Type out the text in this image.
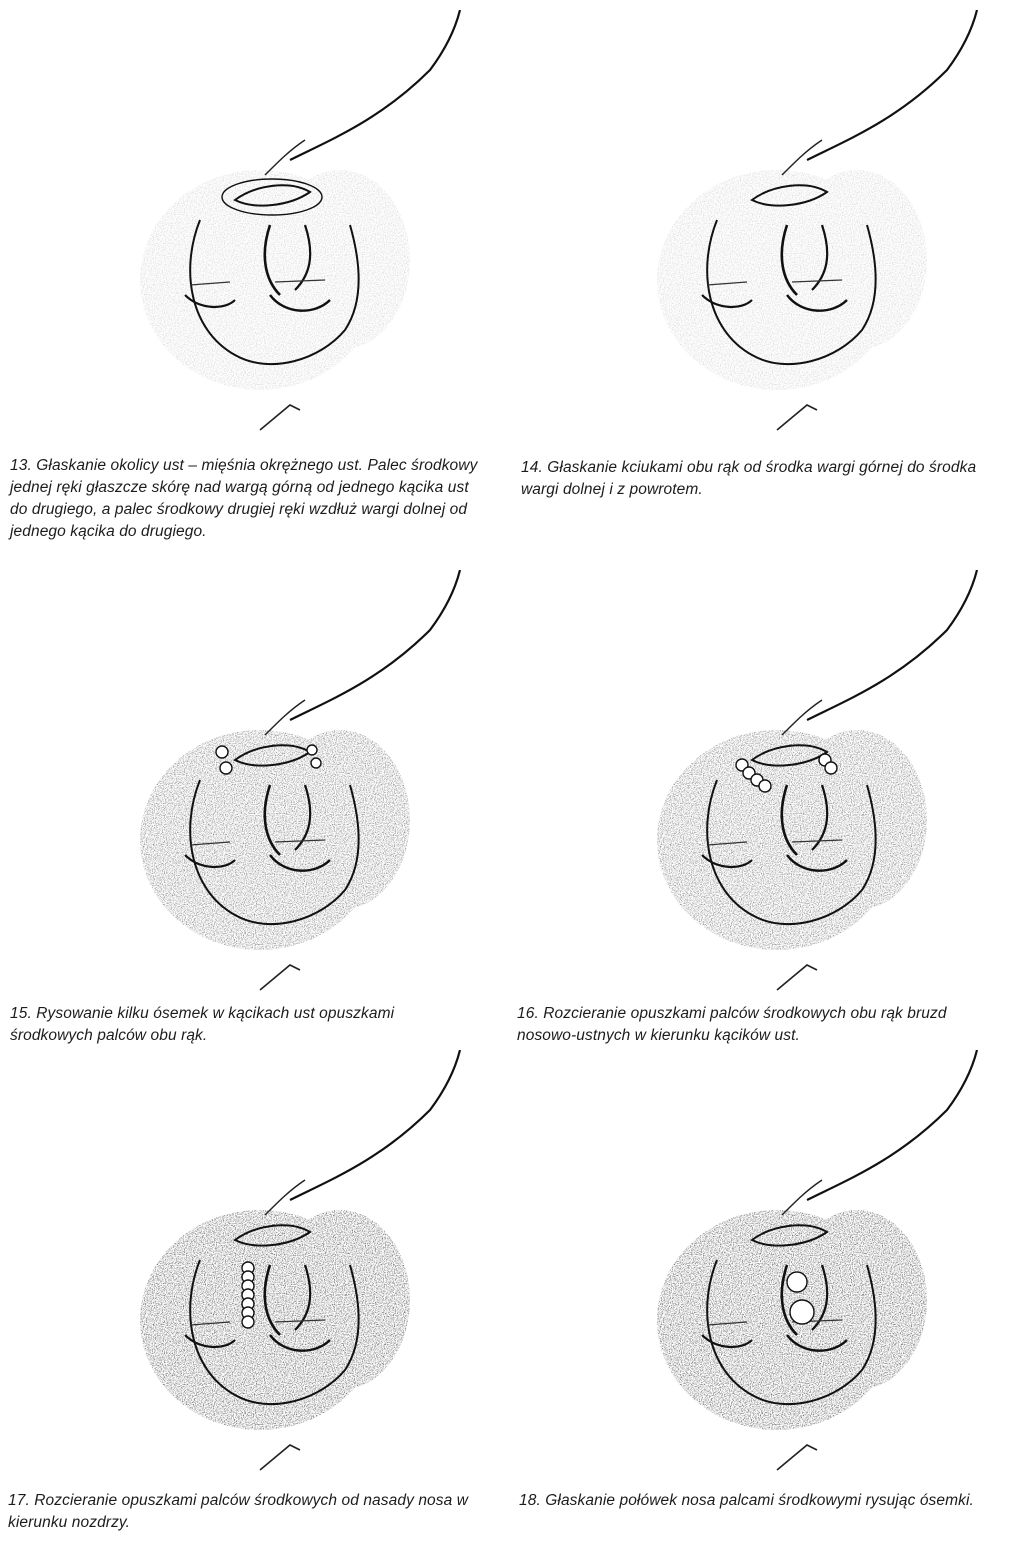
13. Głaskanie okolicy ust – mięśnia okrężnego ust. Palec środkowy jednej ręki głaszcze skórę nad wargą górną od jednego kącika ust do drugiego, a palec środkowy drugiej ręki wzdłuż wargi dolnej od jednego kącika do drugiego.

14. Głaskanie kciukami obu rąk od środka wargi górnej do środka wargi dolnej i z powrotem.

15. Rysowanie kilku ósemek w kącikach ust opuszkami środkowych palców obu rąk.

16. Rozcieranie opuszkami palców środkowych obu rąk bruzd nosowo-ustnych w kierunku kącików ust.

17. Rozcieranie opuszkami palców środkowych od nasady nosa w kierunku nozdrzy.

18. Głaskanie połówek nosa palcami środkowymi rysując ósemki.
